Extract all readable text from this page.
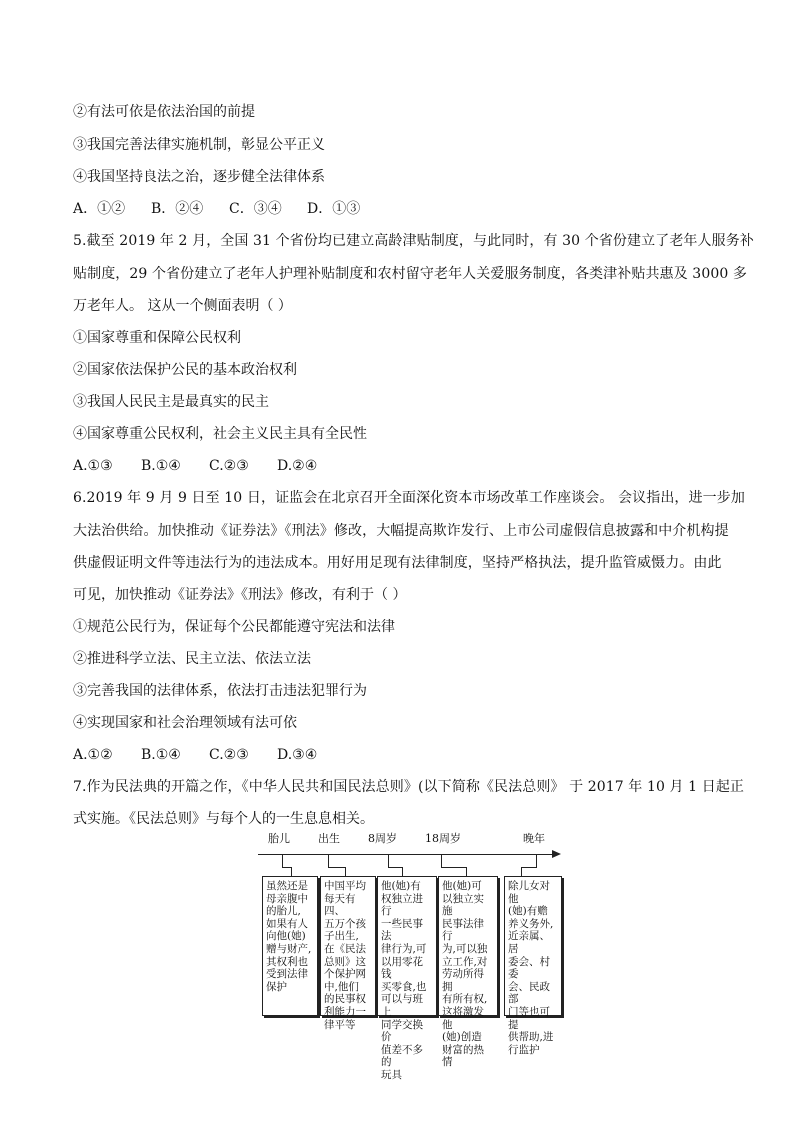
②有法可依是依法治国的前提
③我国完善法律实施机制，彰显公平正义
④我国坚持良法之治，逐步健全法律体系
A．①② B．②④ C．③④ D．①③
5.截至 2019 年 2 月，全国 31 个省份均已建立高龄津贴制度，与此同时，有 30 个省份建立了老年人服务补
贴制度，29 个省份建立了老年人护理补贴制度和农村留守老年人关爱服务制度，各类津补贴共惠及 3000 多
万老年人。 这从一个侧面表明（ ）
①国家尊重和保障公民权利
②国家依法保护公民的基本政治权利
③我国人民民主是最真实的民主
④国家尊重公民权利，社会主义民主具有全民性
A.①③ B.①④ C.②③ D.②④
6.2019 年 9 月 9 日至 10 日，证监会在北京召开全面深化资本市场改革工作座谈会。 会议指出，进一步加
大法治供给。加快推动《证券法》《刑法》修改，大幅提高欺诈发行、上市公司虚假信息披露和中介机构提
供虚假证明文件等违法行为的违法成本。用好用足现有法律制度，坚持严格执法，提升监管威慑力。由此
可见，加快推动《证券法》《刑法》修改，有利于（ ）
①规范公民行为，保证每个公民都能遵守宪法和法律
②推进科学立法、民主立法、依法立法
③完善我国的法律体系，依法打击违法犯罪行为
④实现国家和社会治理领域有法可依
A.①② B.①④ C.②③ D.③④
7.作为民法典的开篇之作，《中华人民共和国民法总则》(以下简称《民法总则》 于 2017 年 10 月 1 日起正
式实施。《民法总则》与每个人的一生息息相关。
胎儿	出生	8周岁	18周岁	晚年
虽然还是
母亲腹中
的胎儿,
如果有人
向他(她)
赠与财产,
其权利也
受到法律
保护
中国平均
每天有四、
五万个孩
子出生,
在《民法
总则》这
个保护网
中,他们
的民事权
利能力一
律平等
他(她)有
权独立进行
一些民事法
律行为,可
以用零花钱
买零食,也
可以与班上
同学交换价
值差不多的
玩具
他(她)可
以独立实施
民事法律行
为,可以独
立工作,对
劳动所得拥
有所有权,
这将激发他
(她)创造
财富的热情
除儿女对他
(她)有赡
养义务外,
近亲属、居
委会、村委
会、民政部
门等也可提
供帮助,进
行监护
